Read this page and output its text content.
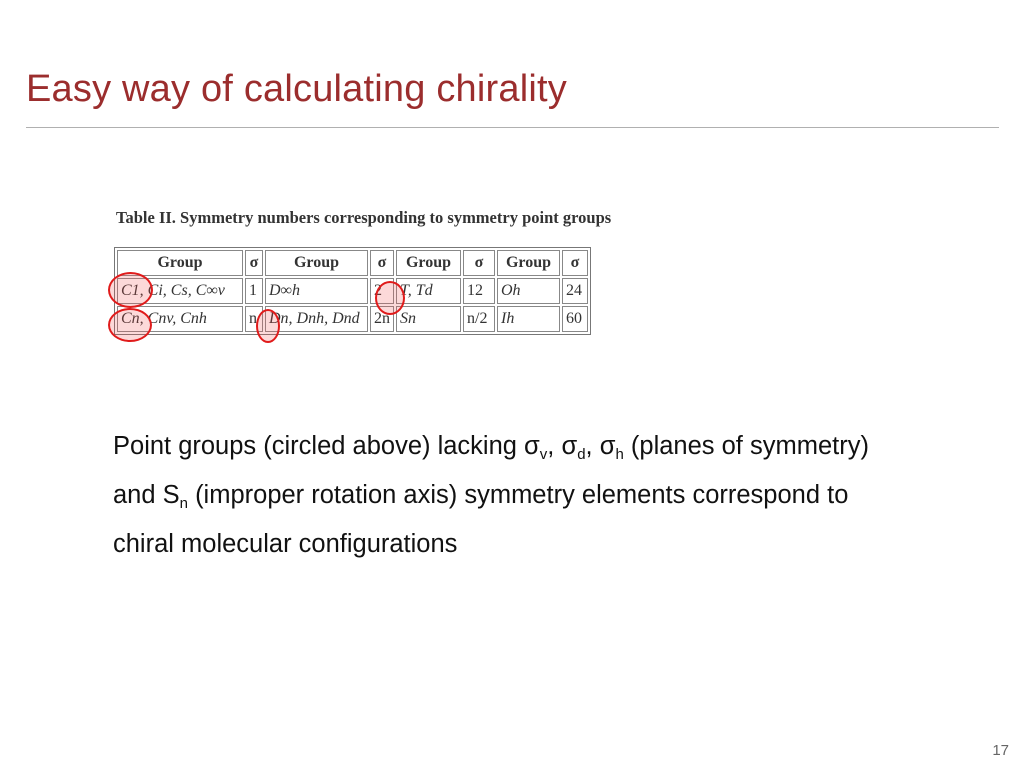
Easy way of calculating chirality
Table II. Symmetry numbers corresponding to symmetry point groups
Group	σ	Group	σ	Group	σ	Group	σ
C1, Ci, Cs, C∞v	1	D∞h	2	T, Td	12	Oh	24
Cn, Cnv, Cnh	n	Dn, Dnh, Dnd	2n	Sn	n/2	Ih	60
Point groups (circled above) lacking $\sigma_v$, $\sigma_d$, $\sigma_h$ (planes of symmetry) and $S_n$ (improper rotation axis) symmetry elements correspond to chiral molecular configurations
17
